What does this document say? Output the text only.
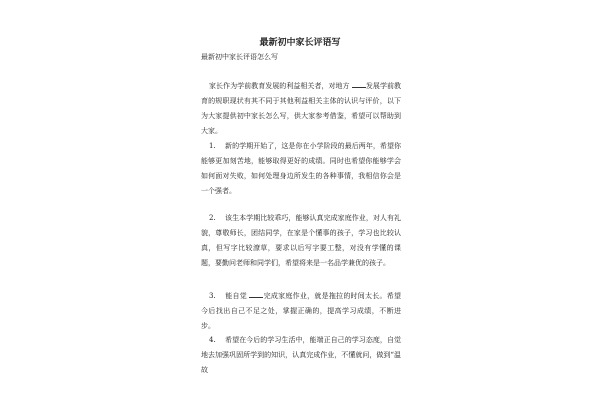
最新初中家长评语写
最新初中家长评语怎么写
家长作为学前教育发展的利益相关者，对地方 发展学前教育的规职现状有其不同于其他利益相关主体的认识与评价，以下为大家提供初中家长怎么写，供大家参考借鉴，希望可以帮助到大家。
1. 新的学期开始了，这是你在小学阶段的最后两年，希望你能够更加刻苦地，能够取得更好的成绩。同时也希望你能够学会如何面对失败，如何处理身边所发生的各种事情，我相信你会是一个强者。
2. 该生本学期比较乖巧，能够认真完成家庭作业，对人有礼貌，尊敬师长，团结同学，在家是个懂事的孩子，学习也比较认真，但写字比较潦草，要求以后写字要工整，对没有学懂的课题，要勤问老师和同学们，希望将来是一名品学兼优的孩子。
3. 能自觉 完成家庭作业，就是拖拉的时间太长。希望今后找出自己不足之处，掌握正确的，提高学习成绩，不断进步。
4. 希望在今后的学习生活中，能端正自己的学习态度，自觉地去加强巩固所学到的知识，认真完成作业，不懂就问，做到“温故
